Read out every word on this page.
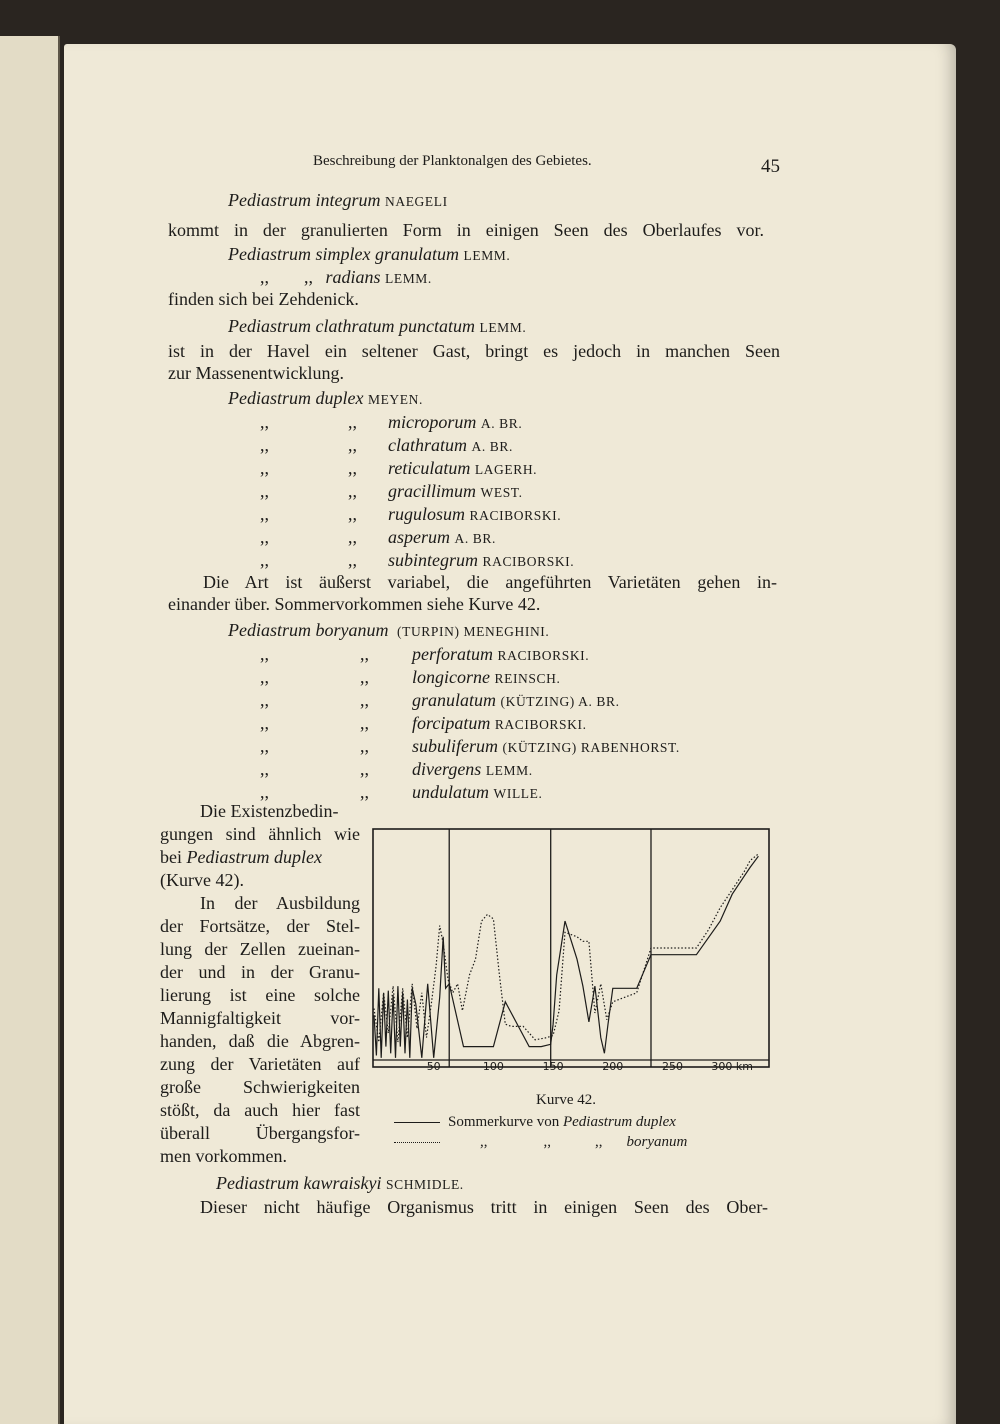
Beschreibung der Planktonalgen des Gebietes.	45
Pediastrum integrum NAEGELI
kommt in der granulierten Form in einigen Seen des Oberlaufes vor.
Pediastrum simplex granulatum LEMM.
,, ,, radians LEMM.
finden sich bei Zehdenick.
Pediastrum clathratum punctatum LEMM.
ist in der Havel ein seltener Gast, bringt es jedoch in manchen Seen
zur Massenentwicklung.
Pediastrum duplex MEYEN.
,,	,, microporum A. BR.
,,	,, clathratum A. BR.
,,	,, reticulatum LAGERH.
,,	,, gracillimum WEST.
,,	,, rugulosum RACIBORSKI.
,,	,, asperum A. BR.
,,	,, subintegrum RACIBORSKI.
Die Art ist äußerst variabel, die angeführten Varietäten gehen in-
einander über. Sommervorkommen siehe Kurve 42.
Pediastrum boryanum (TURPIN) MENEGHINI.
,,	,, perforatum RACIBORSKI.
,,	,, longicorne REINSCH.
,,	,, granulatum (KÜTZING) A. BR.
,,	,, forcipatum RACIBORSKI.
,,	,, subuliferum (KÜTZING) RABENHORST.
,,	,, divergens LEMM.
,,	,, undulatum WILLE.
Die Existenzbedin-
gungen sind ähnlich wie
bei Pediastrum duplex
(Kurve 42).
In der Ausbildung
der Fortsätze, der Stel-
lung der Zellen zueinan-
der und in der Granu-
lierung ist eine solche
Mannigfaltigkeit vor-
handen, daß die Abgren-
zung der Varietäten auf
große Schwierigkeiten
stößt, da auch hier fast
überall Übergangsfor-
men vorkommen.
Kurve 42.
Sommerkurve von Pediastrum duplex
,,	,,	,, boryanum
Pediastrum kawraiskyi SCHMIDLE.
Dieser nicht häufige Organismus tritt in einigen Seen des Ober-
50	100	150	200	250	300 km
